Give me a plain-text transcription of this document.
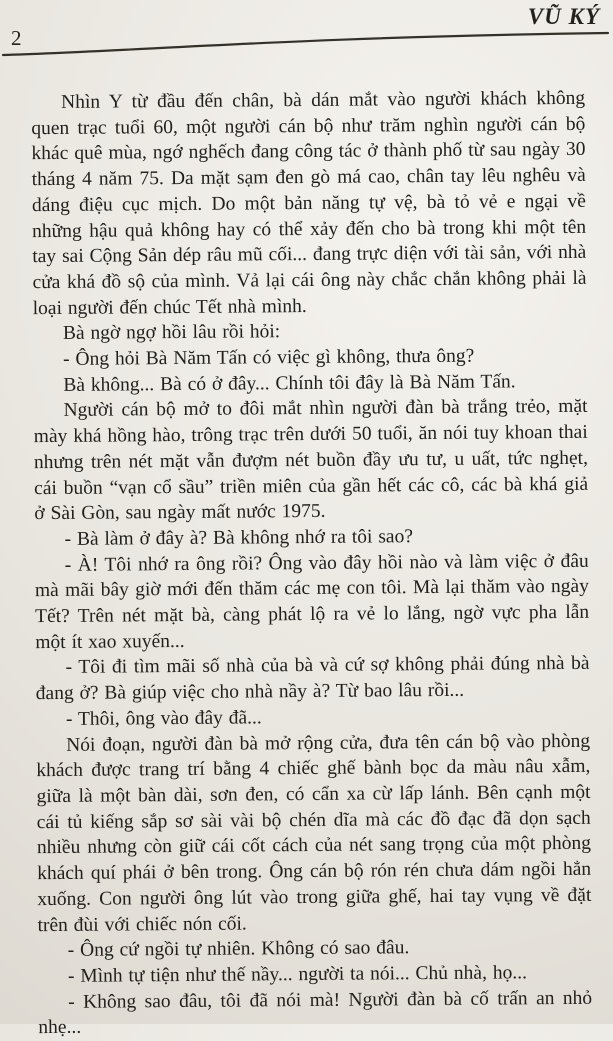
2
VŨ KÝ

Nhìn Y từ đầu đến chân, bà dán mắt vào người khách không quen trạc tuổi 60, một người cán bộ như trăm nghìn người cán bộ khác quê mùa, ngớ nghếch đang công tác ở thành phố từ sau ngày 30 tháng 4 năm 75. Da mặt sạm đen gò má cao, chân tay lêu nghêu và dáng điệu cục mịch. Do một bản năng tự vệ, bà tỏ vẻ e ngại về những hậu quả không hay có thể xảy đến cho bà trong khi một tên tay sai Cộng Sản dép râu mũ cối... đang trực diện với tài sản, với nhà cửa khá đồ sộ của mình. Vả lại cái ông này chắc chắn không phải là loại người đến chúc Tết nhà mình.

Bà ngờ ngợ hồi lâu rồi hỏi:

- Ông hỏi Bà Năm Tấn có việc gì không, thưa ông?

Bà không... Bà có ở đây... Chính tôi đây là Bà Năm Tấn.

Người cán bộ mở to đôi mắt nhìn người đàn bà trắng trẻo, mặt mày khá hồng hào, trông trạc trên dưới 50 tuổi, ăn nói tuy khoan thai nhưng trên nét mặt vẫn đượm nét buồn đầy ưu tư, u uất, tức nghẹt, cái buồn “vạn cổ sầu” triền miên của gần hết các cô, các bà khá giả ở Sài Gòn, sau ngày mất nước 1975.

- Bà làm ở đây à? Bà không nhớ ra tôi sao?

- À! Tôi nhớ ra ông rồi? Ông vào đây hồi nào và làm việc ở đâu mà mãi bây giờ mới đến thăm các mẹ con tôi. Mà lại thăm vào ngày Tết? Trên nét mặt bà, càng phát lộ ra vẻ lo lắng, ngờ vực pha lẫn một ít xao xuyến...

- Tôi đi tìm mãi số nhà của bà và cứ sợ không phải đúng nhà bà đang ở? Bà giúp việc cho nhà nầy à? Từ bao lâu rồi...

- Thôi, ông vào đây đã...

Nói đoạn, người đàn bà mở rộng cửa, đưa tên cán bộ vào phòng khách được trang trí bằng 4 chiếc ghế bành bọc da màu nâu xẫm, giữa là một bàn dài, sơn đen, có cẩn xa cừ lấp lánh. Bên cạnh một cái tủ kiếng sắp sơ sài vài bộ chén dĩa mà các đồ đạc đã dọn sạch nhiều nhưng còn giữ cái cốt cách của nét sang trọng của một phòng khách quí phái ở bên trong. Ông cán bộ rón rén chưa dám ngồi hẳn xuống. Con người ông lút vào trong giữa ghế, hai tay vụng về đặt trên đùi với chiếc nón cối.

- Ông cứ ngồi tự nhiên. Không có sao đâu.

- Mình tự tiện như thế nầy... người ta nói... Chủ nhà, họ...

- Không sao đâu, tôi đã nói mà! Người đàn bà cố trấn an nhỏ nhẹ...
